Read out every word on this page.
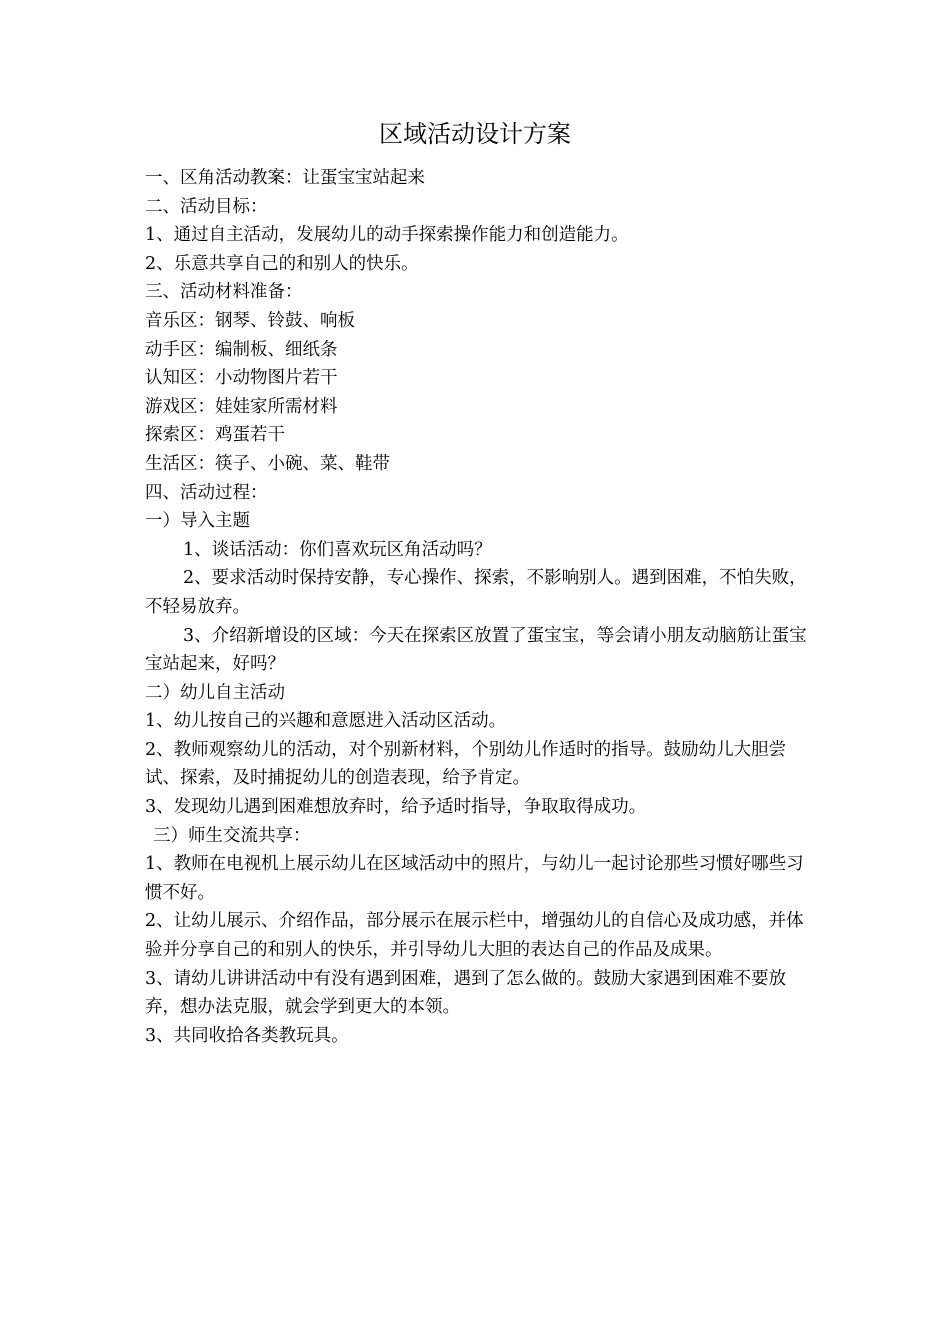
区域活动设计方案

一、区角活动教案：让蛋宝宝站起来

二、活动目标：

1、通过自主活动，发展幼儿的动手探索操作能力和创造能力。

2、乐意共享自己的和别人的快乐。

三、活动材料准备：

音乐区：钢琴、铃鼓、响板

动手区：编制板、细纸条

认知区：小动物图片若干

游戏区：娃娃家所需材料

探索区：鸡蛋若干

生活区：筷子、小碗、菜、鞋带

四、活动过程：

一）导入主题

1、谈话活动：你们喜欢玩区角活动吗？

2、要求活动时保持安静，专心操作、探索，不影响别人。遇到困难，不怕失败，不轻易放弃。

3、介绍新增设的区域：今天在探索区放置了蛋宝宝，等会请小朋友动脑筋让蛋宝宝站起来，好吗？

二）幼儿自主活动

1、幼儿按自己的兴趣和意愿进入活动区活动。

2、教师观察幼儿的活动，对个别新材料，个别幼儿作适时的指导。鼓励幼儿大胆尝试、探索，及时捕捉幼儿的创造表现，给予肯定。

3、发现幼儿遇到困难想放弃时，给予适时指导，争取取得成功。

三）师生交流共享：

1、教师在电视机上展示幼儿在区域活动中的照片，与幼儿一起讨论那些习惯好哪些习惯不好。

2、让幼儿展示、介绍作品，部分展示在展示栏中，增强幼儿的自信心及成功感，并体验并分享自己的和别人的快乐，并引导幼儿大胆的表达自己的作品及成果。

3、请幼儿讲讲活动中有没有遇到困难，遇到了怎么做的。鼓励大家遇到困难不要放弃，想办法克服，就会学到更大的本领。

3、共同收拾各类教玩具。
